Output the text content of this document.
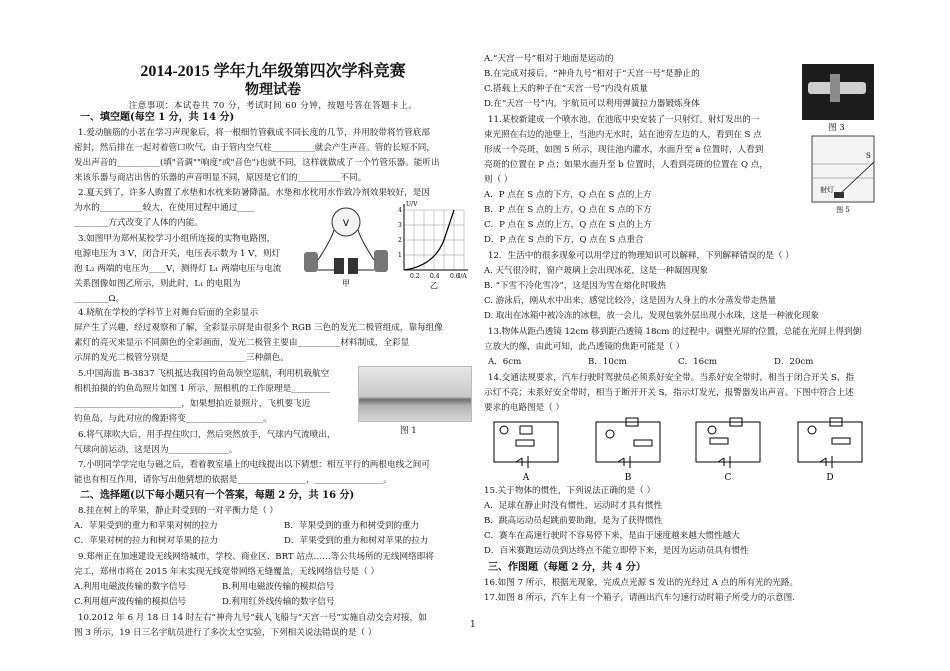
2014-2015 学年九年级第四次学科竞赛
物理试卷
注意事项：本试卷共 70 分，考试时间 60 分钟，按题号答在答题卡上。
一、填空题(每空 1 分，共 14 分)
1.爱动脑筋的小茗在学习声现象后，将一根细竹管截成不同长度的几节，并用胶带将竹管底部
密封，然后排在一起对着管口吹气，由于管内空气柱__________就会产生声音。管的长短不同，
发出声音的__________(填"音调""响度"或"音色")也就不同，这样就做成了一个竹管乐器。能听出
来该乐器与商店出售的乐器的声音明显不同，原因是它们的__________不同。
2.夏天到了，许多人购置了水垫和水枕来防暑降温。水垫和水枕用水作致冷剂效果较好，是因
为水的__________较大，在使用过程中通过____
________方式改变了人体的内能。
3.如图甲为郑州某校学习小组所连接的实物电路图，
电源电压为 3 V，闭合开关，电压表示数为 1 V，则灯
泡 L₂ 两端的电压为____V，测得灯 L₁ 两端电压与电流
关系图像如图乙所示，则此时，L₁ 的电阻为
________Ω。
V
甲
U/V
I/A
0.2 0.4 0.6
1
2
3
4
乙
4.晓航在学校的学科节上对舞台后面的全彩显示
屏产生了兴趣，经过观察和了解，全彩显示屏是由很多个 RGB 三色的发光二极管组成，靠每组像
素灯的亮灭来显示不同颜色的全彩画面，发光二极管主要由__________材料制成，全彩显
示屏的发光二极管分别是__________________三种颜色。
5.中国海监 B-3837 飞机抵达我国钓鱼岛领空巡航，利用机载航空
相机拍摄的钓鱼岛照片如图 1 所示，照相机的工作原理是_________
_________________________，如果想拍近景照片，飞机要飞近
钓鱼岛，与此对应的像距将变__________________。
图 1
6.将气球吹大后，用手捏住吹口，然后突然放手，气球内气流喷出，
气球向前运动，这是因为______________。
7.小明同学学完电与磁之后，看着教室墙上的电线提出以下猜想：相互平行的两根电线之间可
能也有相互作用，请你写出他猜想的依据是________________，________________。
二、选择题(以下每小题只有一个答案，每题 2 分，共 16 分)
8.挂在树上的苹果，静止时受到的一对平衡力是（ ）
A．苹果受到的重力和苹果对树的拉力	B．苹果受到的重力和树受到的重力
C．苹果对树的拉力和树对苹果的拉力	D．苹果受到的重力和树对苹果的拉力
9.郑州正在加速建设无线网络城市，学校、商业区、BRT 站点……等公共场所的无线网络即将
完工，郑州市将在 2015 年末实现无线宽带网络无缝覆盖，无线网络信号是（ ）
A.利用电磁波传输的数字信号	B.利用电磁波传输的模拟信号
C.利用超声波传输的模拟信号	D.利用红外线传输的数字信号
10.2012 年 6 月 18 日 14 时左右“神舟九号”载人飞船与“天宫一号”实施自动交会对接，如
图 3 所示，19 日三名宇航员进行了多次太空实验，下列相关说法错误的是（ ）
A.“天宫一号”相对于地面是运动的
B.在完成对接后，“神舟九号”相对于“天宫一号”是静止的
C.搭载上天的种子在“天宫一号”内没有质量
D.在“天宫一号”内，宇航员可以利用弹簧拉力器锻炼身体
图 3
11.某校新建成一个喷水池，在池底中央安装了一只射灯。射灯发出的一
束光照在右边的池壁上，当池内无水时，站在池旁左边的人，看到在 S 点
形成一个亮斑，如图 5 所示，现往池内灌水，水面升至 a 位置时，人看到
亮斑的位置在 P 点；如果水面升至 b 位置时，人看到亮斑的位置在 Q 点，
则（ ）
射灯
S
图 5
A．P 点在 S 点的下方，Q 点在 S 点的上方
B．P 点在 S 点的上方，Q 点在 S 点的下方
C．P 点在 S 点的上方，Q 点在 S 点的上方
D．P 点在 S 点的下方，Q 点在 S 点重合
12．生活中的很多现象可以用学过的物理知识可以解释，下列解释错误的是（ ）
A. 天气很冷时，窗户玻璃上会出现冰花，这是一种凝固现象
B. “下雪不冷化雪冷”，这是因为雪在熔化时吸热
C. 游泳后，刚从水中出来，感觉比较冷，这是因为人身上的水分蒸发带走热量
D. 取出在冰箱中被冷冻的冰糕，放一会儿，发现包装外层出现小水珠，这是一种液化现象
13.物体从距凸透镜 12cm 移到距凸透镜 18cm 的过程中，调整光屏的位置，总能在光屏上得到倒
立放大的像，由此可知，此凸透镜的焦距可能是（ ）
A．6cm	B．10cm	C．16cm	D．20cm
14.交通法规要求，汽车行驶时驾驶员必须系好安全带。当系好安全带时，相当于闭合开关 S，指
示灯不亮；未系好安全带时，相当于断开开关 S，指示灯发光，报警器发出声音。下图中符合上述
要求的电路图是（ ）
A	B	C	D
15.关于物体的惯性，下列说法正确的是（ ）
A．足球在静止时没有惯性，运动时才具有惯性
B．跳高运动员起跳前要助跑，是为了获得惯性
C．赛车在高速行驶时不容易停下来，是由于速度越来越大惯性越大
D．百米赛跑运动员到达终点不能立即停下来，是因为运动员具有惯性
三、作图题（每题 2 分，共 4 分）
16.如图 7 所示，根据光现象，完成点光源 S 发出的光经过 A 点的所有光的光路。
17.如图 8 所示，汽车上有一个箱子，请画出汽车匀速行动时箱子所受力的示意图.
1
